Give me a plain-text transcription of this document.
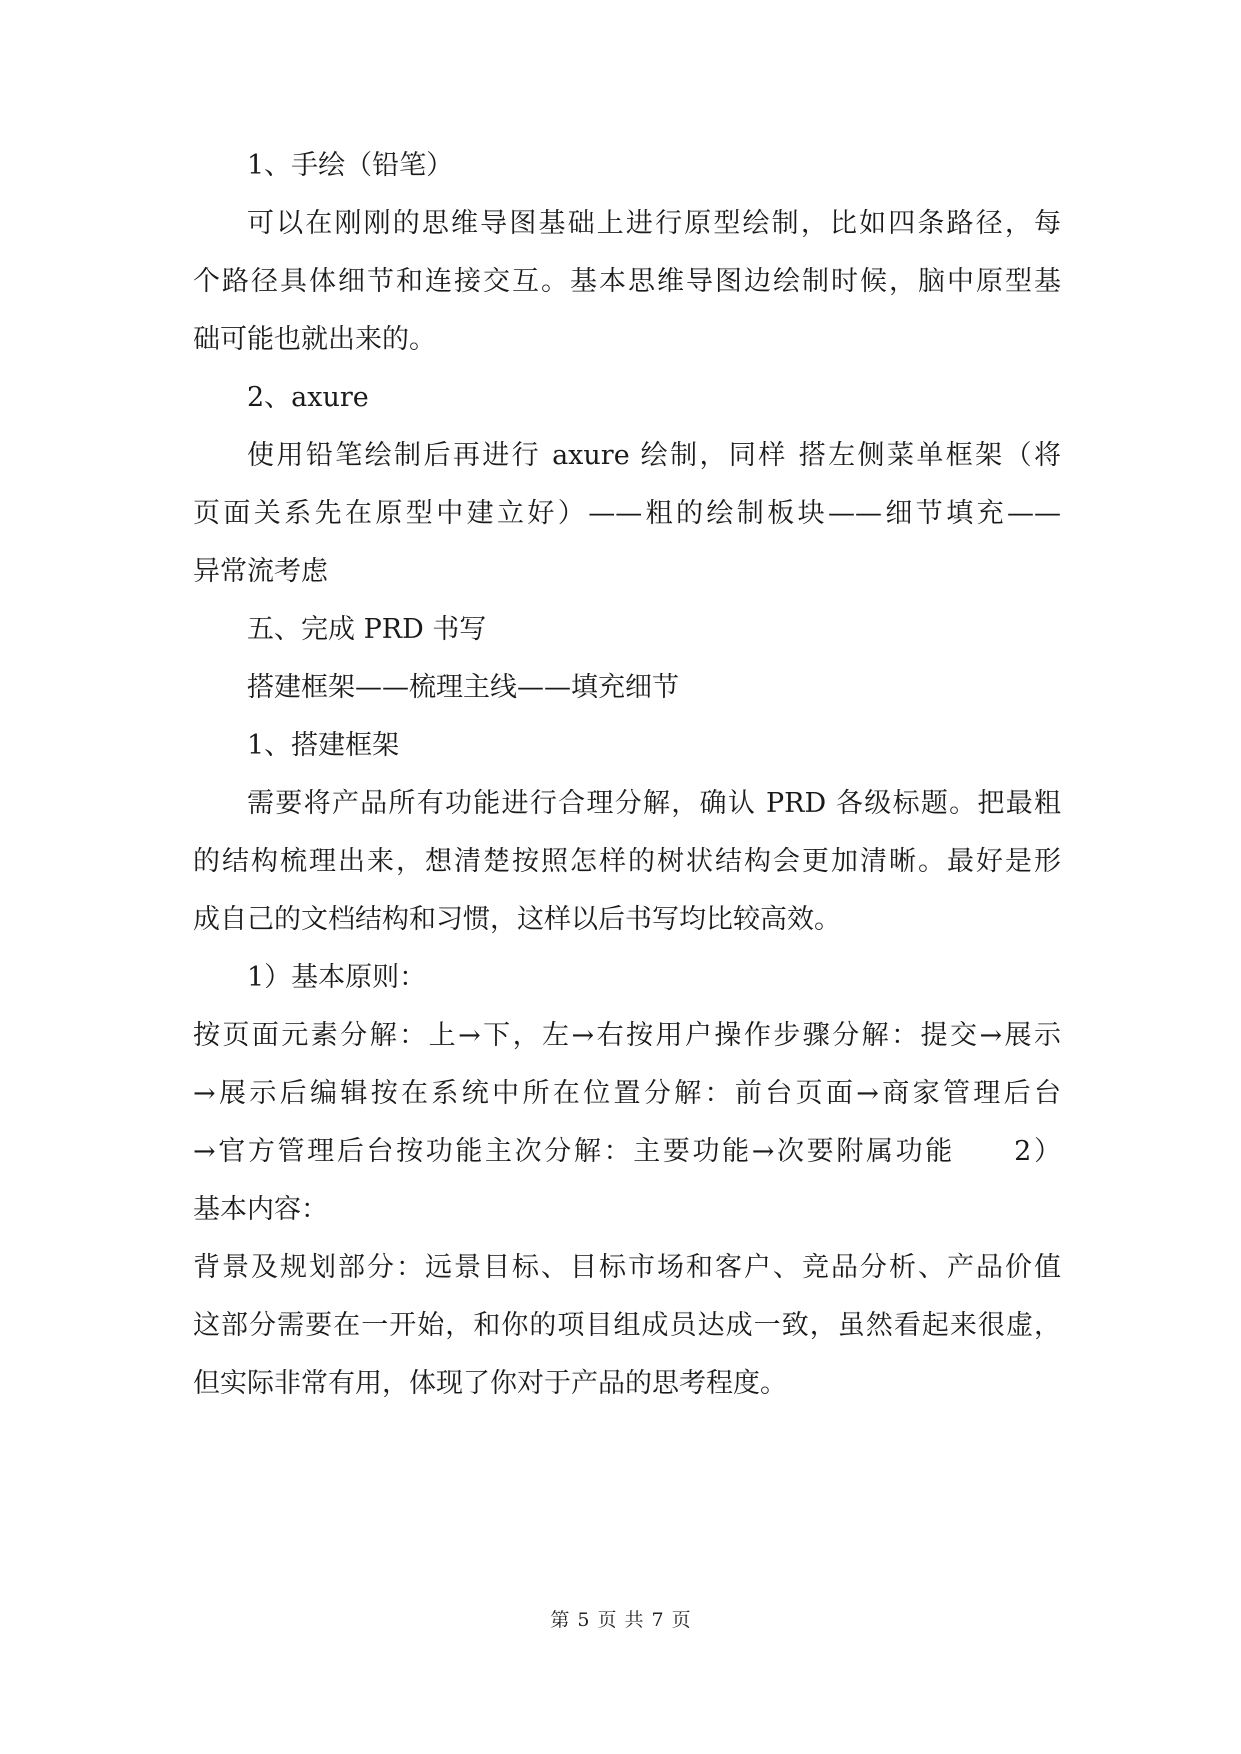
1、手绘（铅笔）
可以在刚刚的思维导图基础上进行原型绘制，比如四条路径，每
个路径具体细节和连接交互。基本思维导图边绘制时候，脑中原型基
础可能也就出来的。
2、axure
使用铅笔绘制后再进行 axure 绘制，同样 搭左侧菜单框架（将
页面关系先在原型中建立好）——粗的绘制板块——细节填充——
异常流考虑
五、完成 PRD 书写
搭建框架——梳理主线——填充细节
1、搭建框架
需要将产品所有功能进行合理分解，确认 PRD 各级标题。把最粗
的结构梳理出来，想清楚按照怎样的树状结构会更加清晰。最好是形
成自己的文档结构和习惯，这样以后书写均比较高效。
1）基本原则：
按页面元素分解：上→下，左→右按用户操作步骤分解：提交→展示
→展示后编辑按在系统中所在位置分解：前台页面→商家管理后台
→官方管理后台按功能主次分解：主要功能→次要附属功能　　2）
基本内容：
背景及规划部分：远景目标、目标市场和客户、竞品分析、产品价值
这部分需要在一开始，和你的项目组成员达成一致，虽然看起来很虚，
但实际非常有用，体现了你对于产品的思考程度。
第 5 页 共 7 页
